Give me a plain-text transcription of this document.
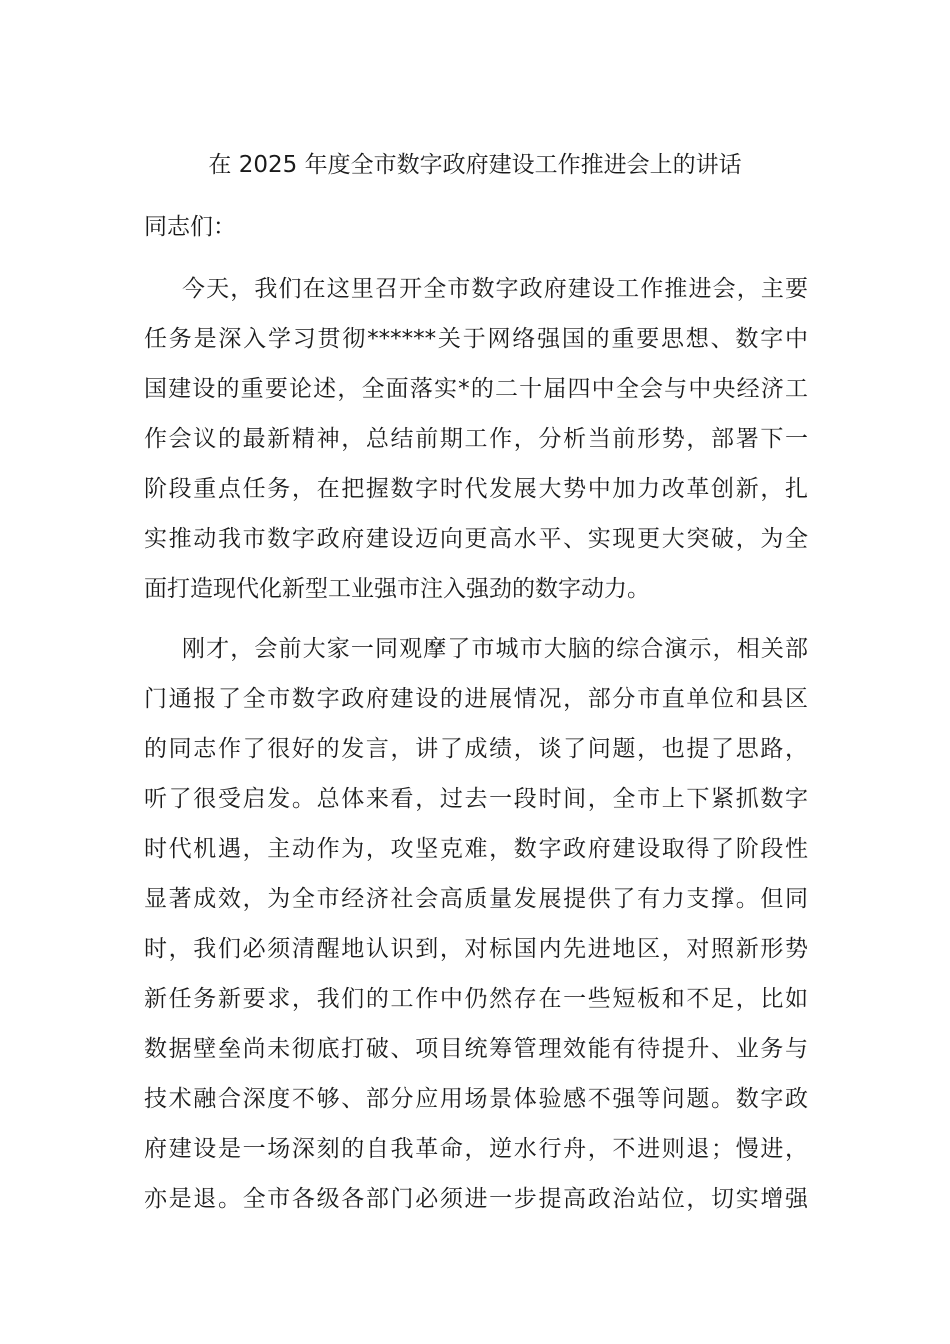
在 2025 年度全市数字政府建设工作推进会上的讲话
同志们：
今天，我们在这里召开全市数字政府建设工作推进会，主要
任务是深入学习贯彻******关于网络强国的重要思想、数字中
国建设的重要论述，全面落实*的二十届四中全会与中央经济工
作会议的最新精神，总结前期工作，分析当前形势，部署下一
阶段重点任务，在把握数字时代发展大势中加力改革创新，扎
实推动我市数字政府建设迈向更高水平、实现更大突破，为全
面打造现代化新型工业强市注入强劲的数字动力。
刚才，会前大家一同观摩了市城市大脑的综合演示，相关部
门通报了全市数字政府建设的进展情况，部分市直单位和县区
的同志作了很好的发言，讲了成绩，谈了问题，也提了思路，
听了很受启发。总体来看，过去一段时间，全市上下紧抓数字
时代机遇，主动作为，攻坚克难，数字政府建设取得了阶段性
显著成效，为全市经济社会高质量发展提供了有力支撑。但同
时，我们必须清醒地认识到，对标国内先进地区，对照新形势
新任务新要求，我们的工作中仍然存在一些短板和不足，比如
数据壁垒尚未彻底打破、项目统筹管理效能有待提升、业务与
技术融合深度不够、部分应用场景体验感不强等问题。数字政
府建设是一场深刻的自我革命，逆水行舟，不进则退；慢进，
亦是退。全市各级各部门必须进一步提高政治站位，切实增强
